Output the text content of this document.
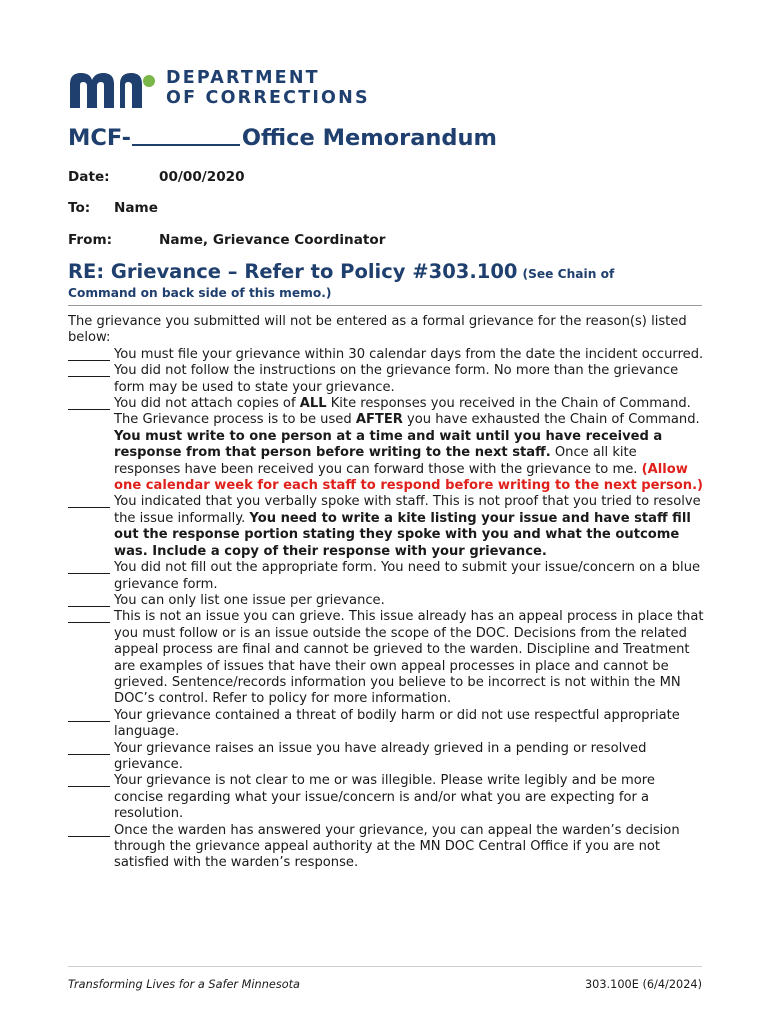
DEPARTMENT
OF CORRECTIONS
MCF-	Office Memorandum
Date:	00/00/2020
To: Name
From:	Name, Grievance Coordinator
RE: Grievance – Refer to Policy #303.100 (See Chain of
Command on back side of this memo.)
The grievance you submitted will not be entered as a formal grievance for the reason(s) listed below:
You must file your grievance within 30 calendar days from the date the incident occurred.
You did not follow the instructions on the grievance form. No more than the grievance form may be used to state your grievance.
You did not attach copies of ALL Kite responses you received in the Chain of Command. The Grievance process is to be used AFTER you have exhausted the Chain of Command. You must write to one person at a time and wait until you have received a response from that person before writing to the next staff. Once all kite responses have been received you can forward those with the grievance to me. (Allow one calendar week for each staff to respond before writing to the next person.)
You indicated that you verbally spoke with staff. This is not proof that you tried to resolve the issue informally. You need to write a kite listing your issue and have staff fill out the response portion stating they spoke with you and what the outcome was. Include a copy of their response with your grievance.
You did not fill out the appropriate form. You need to submit your issue/concern on a blue grievance form.
You can only list one issue per grievance.
This is not an issue you can grieve. This issue already has an appeal process in place that you must follow or is an issue outside the scope of the DOC. Decisions from the related appeal process are final and cannot be grieved to the warden. Discipline and Treatment are examples of issues that have their own appeal processes in place and cannot be grieved. Sentence/records information you believe to be incorrect is not within the MN DOC’s control. Refer to policy for more information.
Your grievance contained a threat of bodily harm or did not use respectful appropriate language.
Your grievance raises an issue you have already grieved in a pending or resolved grievance.
Your grievance is not clear to me or was illegible. Please write legibly and be more concise regarding what your issue/concern is and/or what you are expecting for a resolution.
Once the warden has answered your grievance, you can appeal the warden’s decision through the grievance appeal authority at the MN DOC Central Office if you are not satisfied with the warden’s response.
Transforming Lives for a Safer Minnesota	303.100E (6/4/2024)
